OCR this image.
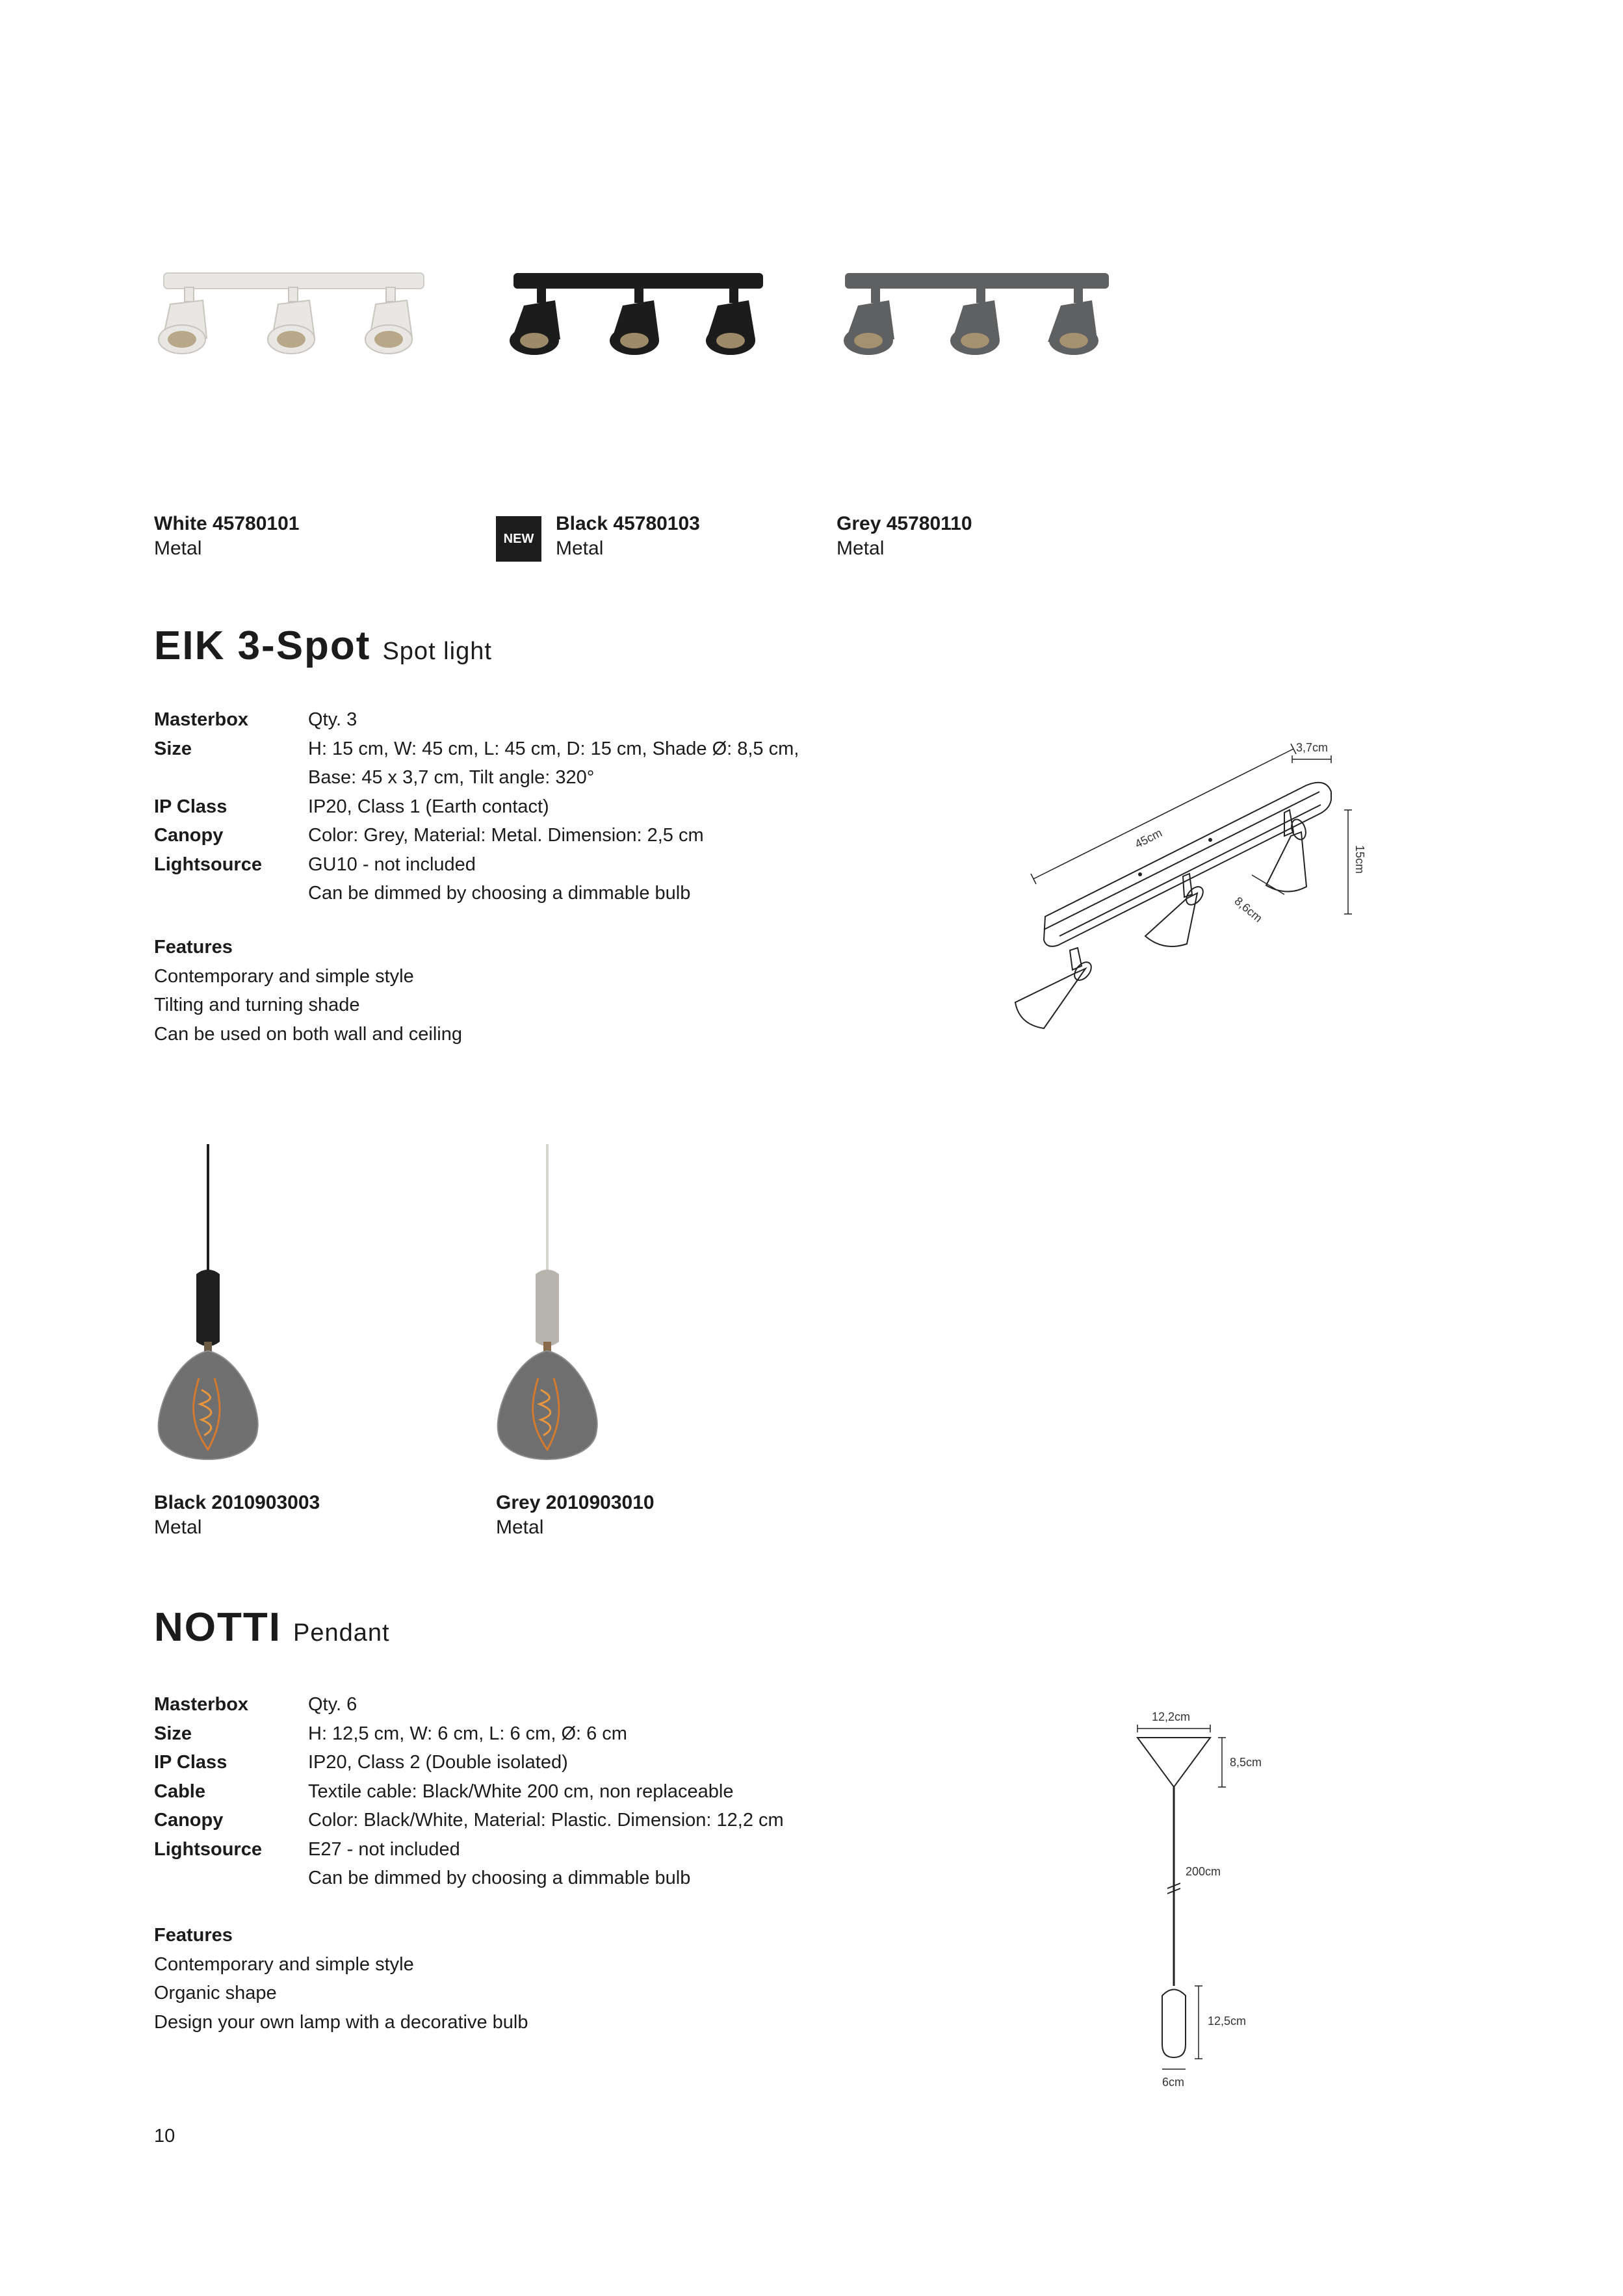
White 45780101
Metal	NEW
Black 45780103
Metal
Grey 45780110
Metal
EIK 3-Spot Spot light
Masterbox	Qty. 3
Size	H: 15 cm, W: 45 cm, L: 45 cm, D: 15 cm, Shade Ø: 8,5 cm,
Base: 45 x 3,7 cm, Tilt angle: 320°
IP Class	IP20, Class 1 (Earth contact)
Canopy	Color: Grey, Material: Metal. Dimension: 2,5 cm
Lightsource	GU10 - not included
Can be dimmed by choosing a dimmable bulb
Features
Contemporary and simple style
Tilting and turning shade
Can be used on both wall and ceiling
45cm
3,7cm
15cm
8,6cm
Black 2010903003
Metal
Grey 2010903010
Metal
NOTTI Pendant
Masterbox	Qty. 6
Size	H: 12,5 cm, W: 6 cm, L: 6 cm, Ø: 6 cm
IP Class	IP20, Class 2 (Double isolated)
Cable	Textile cable: Black/White 200 cm, non replaceable
Canopy	Color: Black/White, Material: Plastic. Dimension: 12,2 cm
Lightsource	E27 - not included
Can be dimmed by choosing a dimmable bulb
Features
Contemporary and simple style
Organic shape
Design your own lamp with a decorative bulb
12,2cm
8,5cm
200cm
12,5cm
6cm
10
